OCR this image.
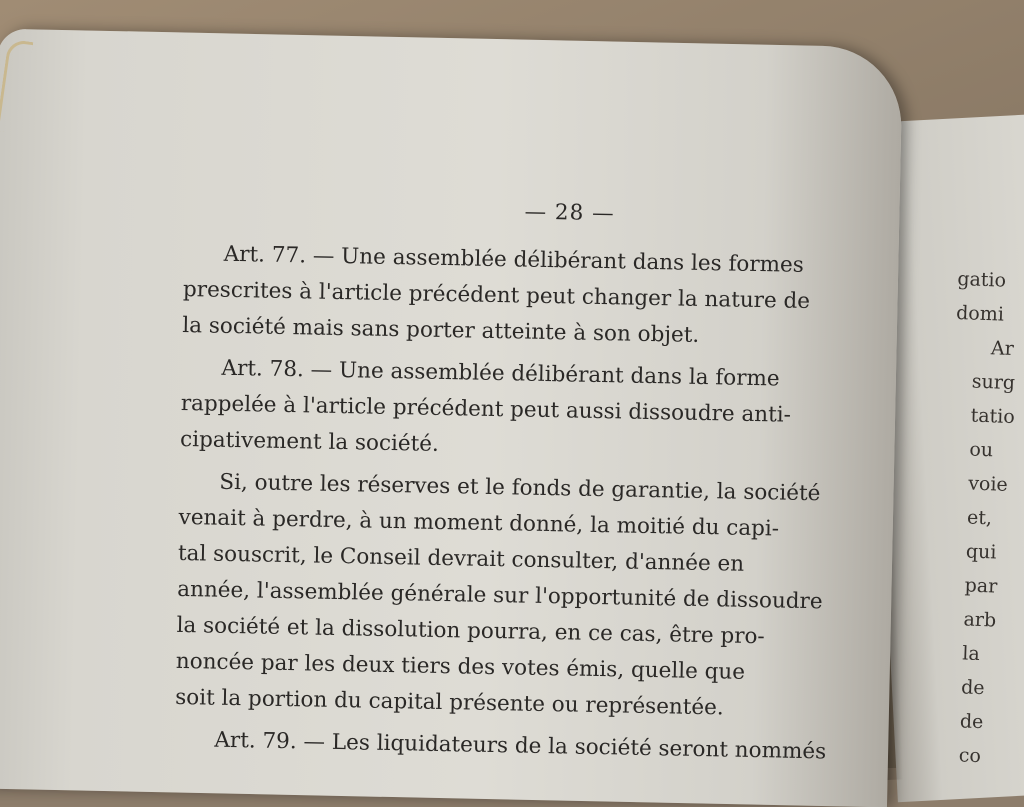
— 28 —
Art. 77. — Une assemblée délibérant dans les formes
prescrites à l'article précédent peut changer la nature de
la société mais sans porter atteinte à son objet.
Art. 78. — Une assemblée délibérant dans la forme
rappelée à l'article précédent peut aussi dissoudre anti-
cipativement la société.
Si, outre les réserves et le fonds de garantie, la société
venait à perdre, à un moment donné, la moitié du capi-
tal souscrit, le Conseil devrait consulter, d'année en
année, l'assemblée générale sur l'opportunité de dissoudre
la société et la dissolution pourra, en ce cas, être pro-
noncée par les deux tiers des votes émis, quelle que
soit la portion du capital présente ou représentée.
Art. 79. — Les liquidateurs de la société seront nommés
gatio
domi
Ar
surg
tatio
ou
voie
et,
qui
par
arb
la
de
de
co
